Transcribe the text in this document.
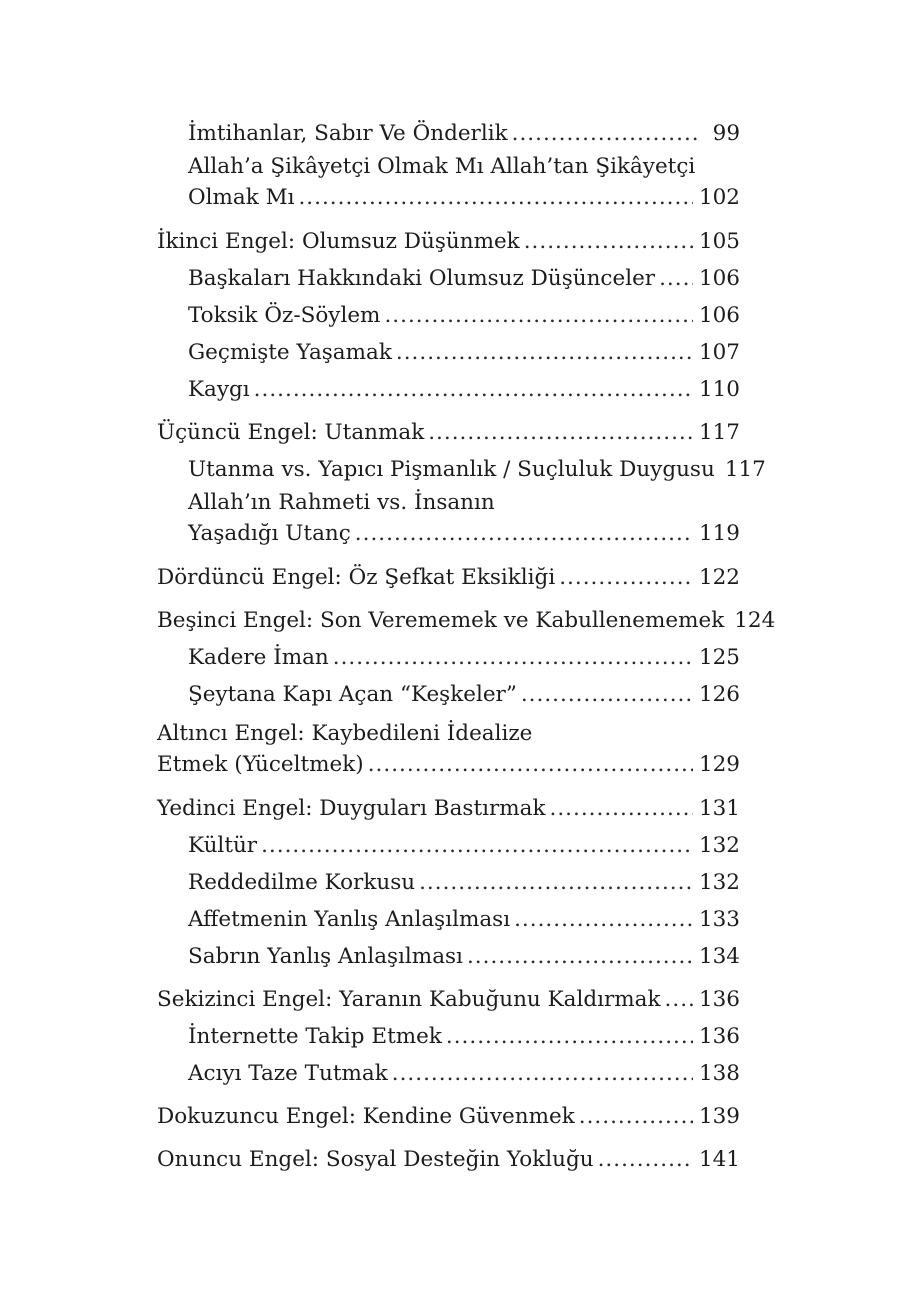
İmtihanlar, Sabır Ve Önderlik .....	99
Allah’a Şikâyetçi Olmak Mı Allah’tan Şikâyetçi
Olmak Mı .....	102
İkinci Engel: Olumsuz Düşünmek .....	105
Başkaları Hakkındaki Olumsuz Düşünceler ..... 106
Toksik Öz-Söylem .....	106
Geçmişte Yaşamak .....	107
Kaygı .....	110
Üçüncü Engel: Utanmak .....	117
Utanma vs. Yapıcı Pişmanlık / Suçluluk Duygusu 117
Allah’ın Rahmeti vs. İnsanın
Yaşadığı Utanç .....	119
Dördüncü Engel: Öz Şefkat Eksikliği .....	122
Beşinci Engel: Son Verememek ve Kabullenememek 124
Kadere İman .....	125
Şeytana Kapı Açan “Keşkeler” .....	126
Altıncı Engel: Kaybedileni İdealize
Etmek (Yüceltmek) .....	129
Yedinci Engel: Duyguları Bastırmak .....	131
Kültür .....	132
Reddedilme Korkusu .....	132
Affetmenin Yanlış Anlaşılması .....	133
Sabrın Yanlış Anlaşılması .....	134
Sekizinci Engel: Yaranın Kabuğunu Kaldırmak ..... 136
İnternette Takip Etmek .....	136
Acıyı Taze Tutmak .....	138
Dokuzuncu Engel: Kendine Güvenmek .....	139
Onuncu Engel: Sosyal Desteğin Yokluğu .....	141
